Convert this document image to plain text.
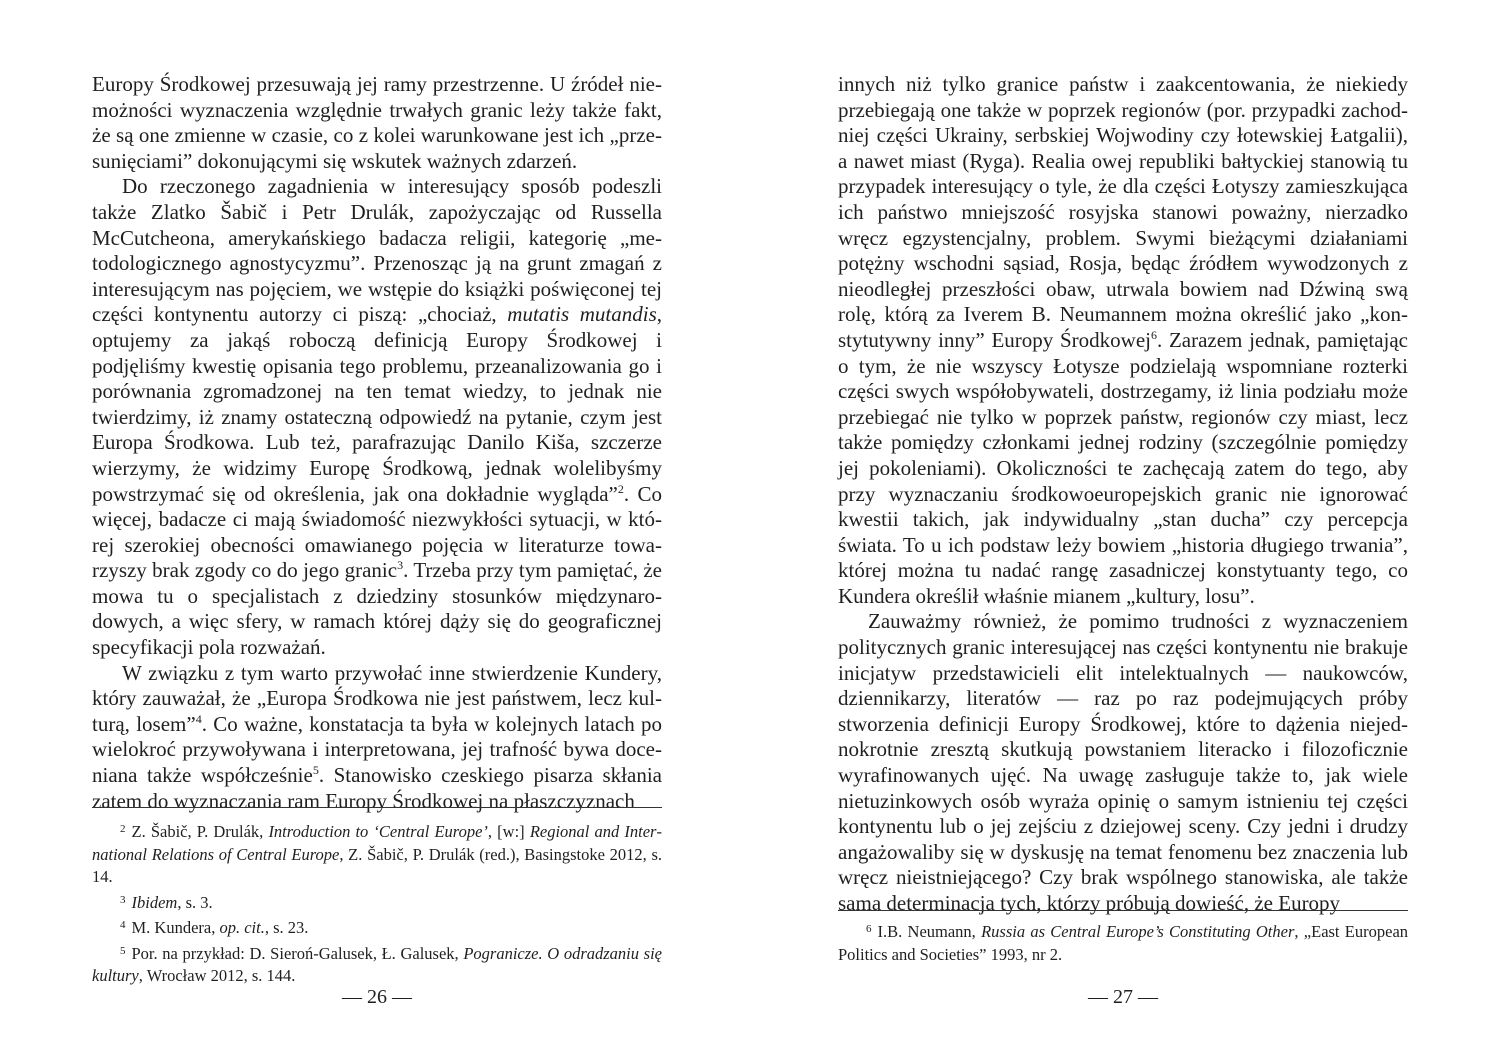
Europy Środkowej przesuwają jej ramy przestrzenne. U źródeł niemożności wyznaczenia względnie trwałych granic leży także fakt, że są one zmienne w czasie, co z kolei warunkowane jest ich „przesunięciami” dokonującymi się wskutek ważnych zdarzeń.

Do rzeczonego zagadnienia w interesujący sposób podeszli także Zlatko Šabič i Petr Drulák, zapożyczając od Russella McCutcheona, amerykańskiego badacza religii, kategorię „metodologicznego agnostycyzmu”. Przenosząc ją na grunt zmagań z interesującym nas pojęciem, we wstępie do książki poświęconej tej części kontynentu autorzy ci piszą: „chociaż, mutatis mutandis, optujemy za jakąś roboczą definicją Europy Środkowej i podjęliśmy kwestię opisania tego problemu, przeanalizowania go i porównania zgromadzonej na ten temat wiedzy, to jednak nie twierdzimy, iż znamy ostateczną odpowiedź na pytanie, czym jest Europa Środkowa. Lub też, parafrazując Danilo Kiša, szczerze wierzymy, że widzimy Europę Środkową, jednak wolelibyśmy powstrzymać się od określenia, jak ona dokładnie wygląda”$^2$. Co więcej, badacze ci mają świadomość niezwykłości sytuacji, w której szerokiej obecności omawianego pojęcia w literaturze towarzyszy brak zgody co do jego granic$^3$. Trzeba przy tym pamiętać, że mowa tu o specjalistach z dziedziny stosunków międzynarodowych, a więc sfery, w ramach której dąży się do geograficznej specyfikacji pola rozważań.

W związku z tym warto przywołać inne stwierdzenie Kundery, który zauważał, że „Europa Środkowa nie jest państwem, lecz kulturą, losem”$^4$. Co ważne, konstatacja ta była w kolejnych latach po wielokroć przywoływana i interpretowana, jej trafność bywa doceniana także współcześnie$^5$. Stanowisko czeskiego pisarza skłania zatem do wyznaczania ram Europy Środkowej na płaszczyznach

$^2$ Z. Šabič, P. Drulák, Introduction to ‘Central Europe’, [w:] Regional and International Relations of Central Europe, Z. Šabič, P. Drulák (red.), Basingstoke 2012, s. 14.

$^3$ Ibidem, s. 3.

$^4$ M. Kundera, op. cit., s. 23.

$^5$ Por. na przykład: D. Sieroń-Galusek, Ł. Galusek, Pogranicze. O odradzaniu się kultury, Wrocław 2012, s. 144.

— 26 —

innych niż tylko granice państw i zaakcentowania, że niekiedy przebiegają one także w poprzek regionów (por. przypadki zachodniej części Ukrainy, serbskiej Wojwodiny czy łotewskiej Łatgalii), a nawet miast (Ryga). Realia owej republiki bałtyckiej stanowią tu przypadek interesujący o tyle, że dla części Łotyszy zamieszkująca ich państwo mniejszość rosyjska stanowi poważny, nierzadko wręcz egzystencjalny, problem. Swymi bieżącymi działaniami potężny wschodni sąsiad, Rosja, będąc źródłem wywodzonych z nieodległej przeszłości obaw, utrwala bowiem nad Dźwiną swą rolę, którą za Iverem B. Neumannem można określić jako „konstytutywny inny” Europy Środkowej$^6$. Zarazem jednak, pamiętając o tym, że nie wszyscy Łotysze podzielają wspomniane rozterki części swych współobywateli, dostrzegamy, iż linia podziału może przebiegać nie tylko w poprzek państw, regionów czy miast, lecz także pomiędzy członkami jednej rodziny (szczególnie pomiędzy jej pokoleniami). Okoliczności te zachęcają zatem do tego, aby przy wyznaczaniu środkowoeuropejskich granic nie ignorować kwestii takich, jak indywidualny „stan ducha” czy percepcja świata. To u ich podstaw leży bowiem „historia długiego trwania”, której można tu nadać rangę zasadniczej konstytuanty tego, co Kundera określił właśnie mianem „kultury, losu”.

Zauważmy również, że pomimo trudności z wyznaczeniem politycznych granic interesującej nas części kontynentu nie brakuje inicjatyw przedstawicieli elit intelektualnych — naukowców, dziennikarzy, literatów — raz po raz podejmujących próby stworzenia definicji Europy Środkowej, które to dążenia niejednokrotnie zresztą skutkują powstaniem literacko i filozoficznie wyrafinowanych ujęć. Na uwagę zasługuje także to, jak wiele nietuzinkowych osób wyraża opinię o samym istnieniu tej części kontynentu lub o jej zejściu z dziejowej sceny. Czy jedni i drudzy angażowaliby się w dyskusję na temat fenomenu bez znaczenia lub wręcz nieistniejącego? Czy brak wspólnego stanowiska, ale także sama determinacja tych, którzy próbują dowieść, że Europy

$^6$ I.B. Neumann, Russia as Central Europe’s Constituting Other, „East European Politics and Societies” 1993, nr 2.

— 27 —
